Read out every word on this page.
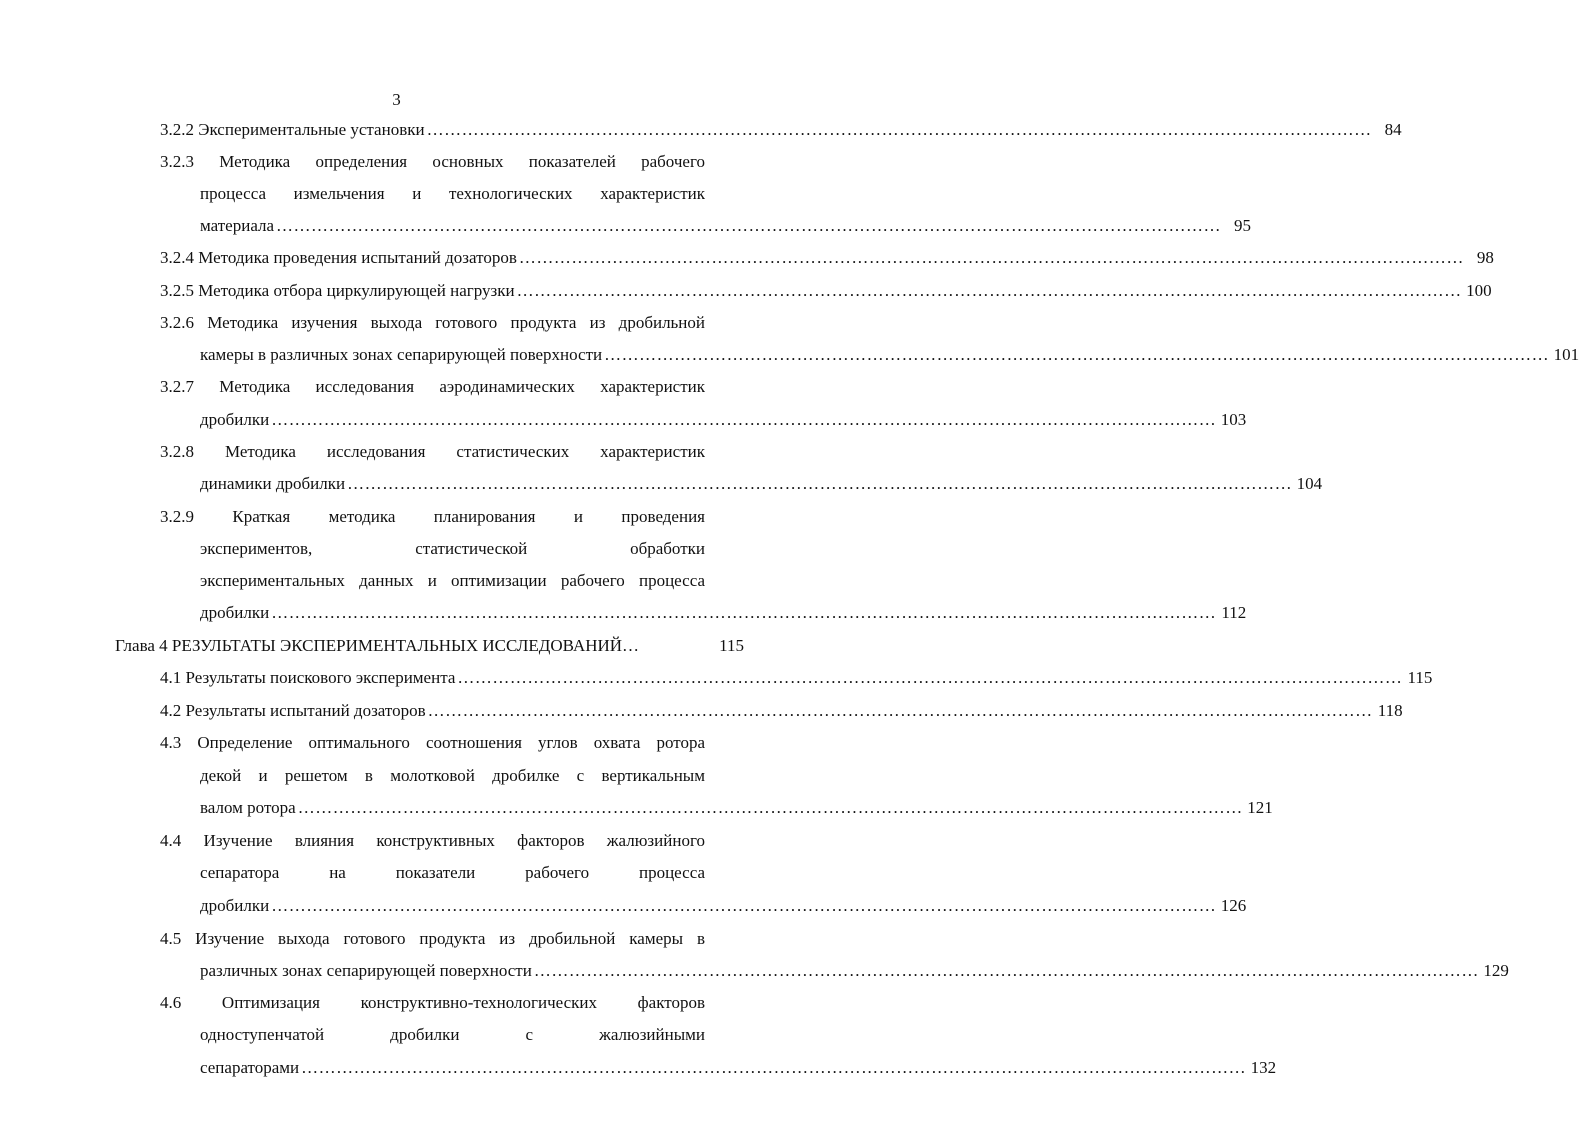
3
3.2.2 Экспериментальные установки ……………………………………………………………………………………………………………………………………………… 84
3.2.3 Методика определения основных показателей рабочего
процесса измельчения и технологических характеристик
материала ……………………………………………………………………………………………………………………………………………… 95
3.2.4 Методика проведения испытаний дозаторов ……………………………………………………………………………………………………………………………………………… 98
3.2.5 Методика отбора циркулирующей нагрузки ……………………………………………………………………………………………………………………………………………… 100
3.2.6 Методика изучения выхода готового продукта из дробильной
камеры в различных зонах сепарирующей поверхности ……………………………………………………………………………………………………………………………………………… 101
3.2.7 Методика исследования аэродинамических характеристик
дробилки ……………………………………………………………………………………………………………………………………………… 103
3.2.8 Методика исследования статистических характеристик
динамики дробилки ……………………………………………………………………………………………………………………………………………… 104
3.2.9 Краткая методика планирования и проведения
экспериментов, статистической обработки
экспериментальных данных и оптимизации рабочего процесса
дробилки ……………………………………………………………………………………………………………………………………………… 112
Глава 4 РЕЗУЛЬТАТЫ ЭКСПЕРИМЕНТАЛЬНЫХ ИССЛЕДОВАНИЙ…	115
4.1 Результаты поискового эксперимента ……………………………………………………………………………………………………………………………………………… 115
4.2 Результаты испытаний дозаторов ……………………………………………………………………………………………………………………………………………… 118
4.3 Определение оптимального соотношения углов охвата ротора
декой и решетом в молотковой дробилке с вертикальным
валом ротора ……………………………………………………………………………………………………………………………………………… 121
4.4 Изучение влияния конструктивных факторов жалюзийного
сепаратора на показатели рабочего процесса
дробилки ……………………………………………………………………………………………………………………………………………… 126
4.5 Изучение выхода готового продукта из дробильной камеры в
различных зонах сепарирующей поверхности ……………………………………………………………………………………………………………………………………………… 129
4.6 Оптимизация конструктивно-технологических факторов
одноступенчатой дробилки с жалюзийными
сепараторами ……………………………………………………………………………………………………………………………………………… 132
